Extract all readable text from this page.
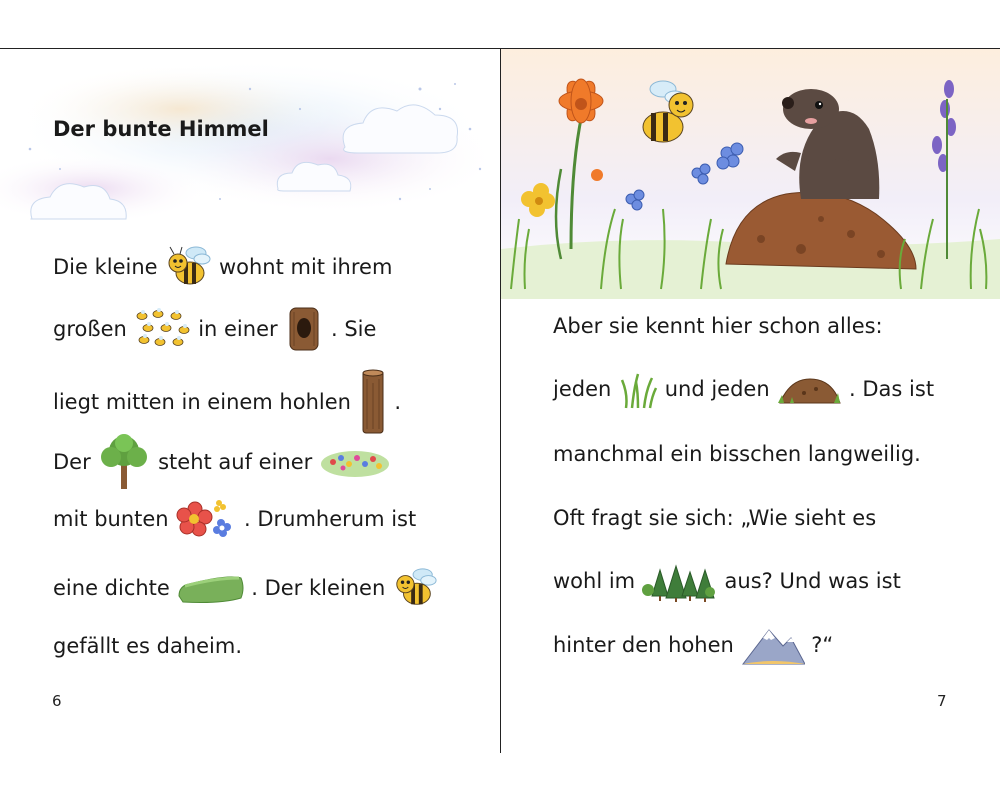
Der bunte Himmel
Die kleine	wohnt mit ihrem
großen	in einer	. Sie
liegt mitten in einem hohlen .
Der	steht auf einer
mit bunten	. Drumherum ist
eine dichte	. Der kleinen
gefällt es daheim.
6
Aber sie kennt hier schon alles:
jeden	und jeden	. Das ist
manchmal ein bisschen langweilig.
Oft fragt sie sich: „Wie sieht es
wohl im	aus? Und was ist
hinter den hohen	?“
7
